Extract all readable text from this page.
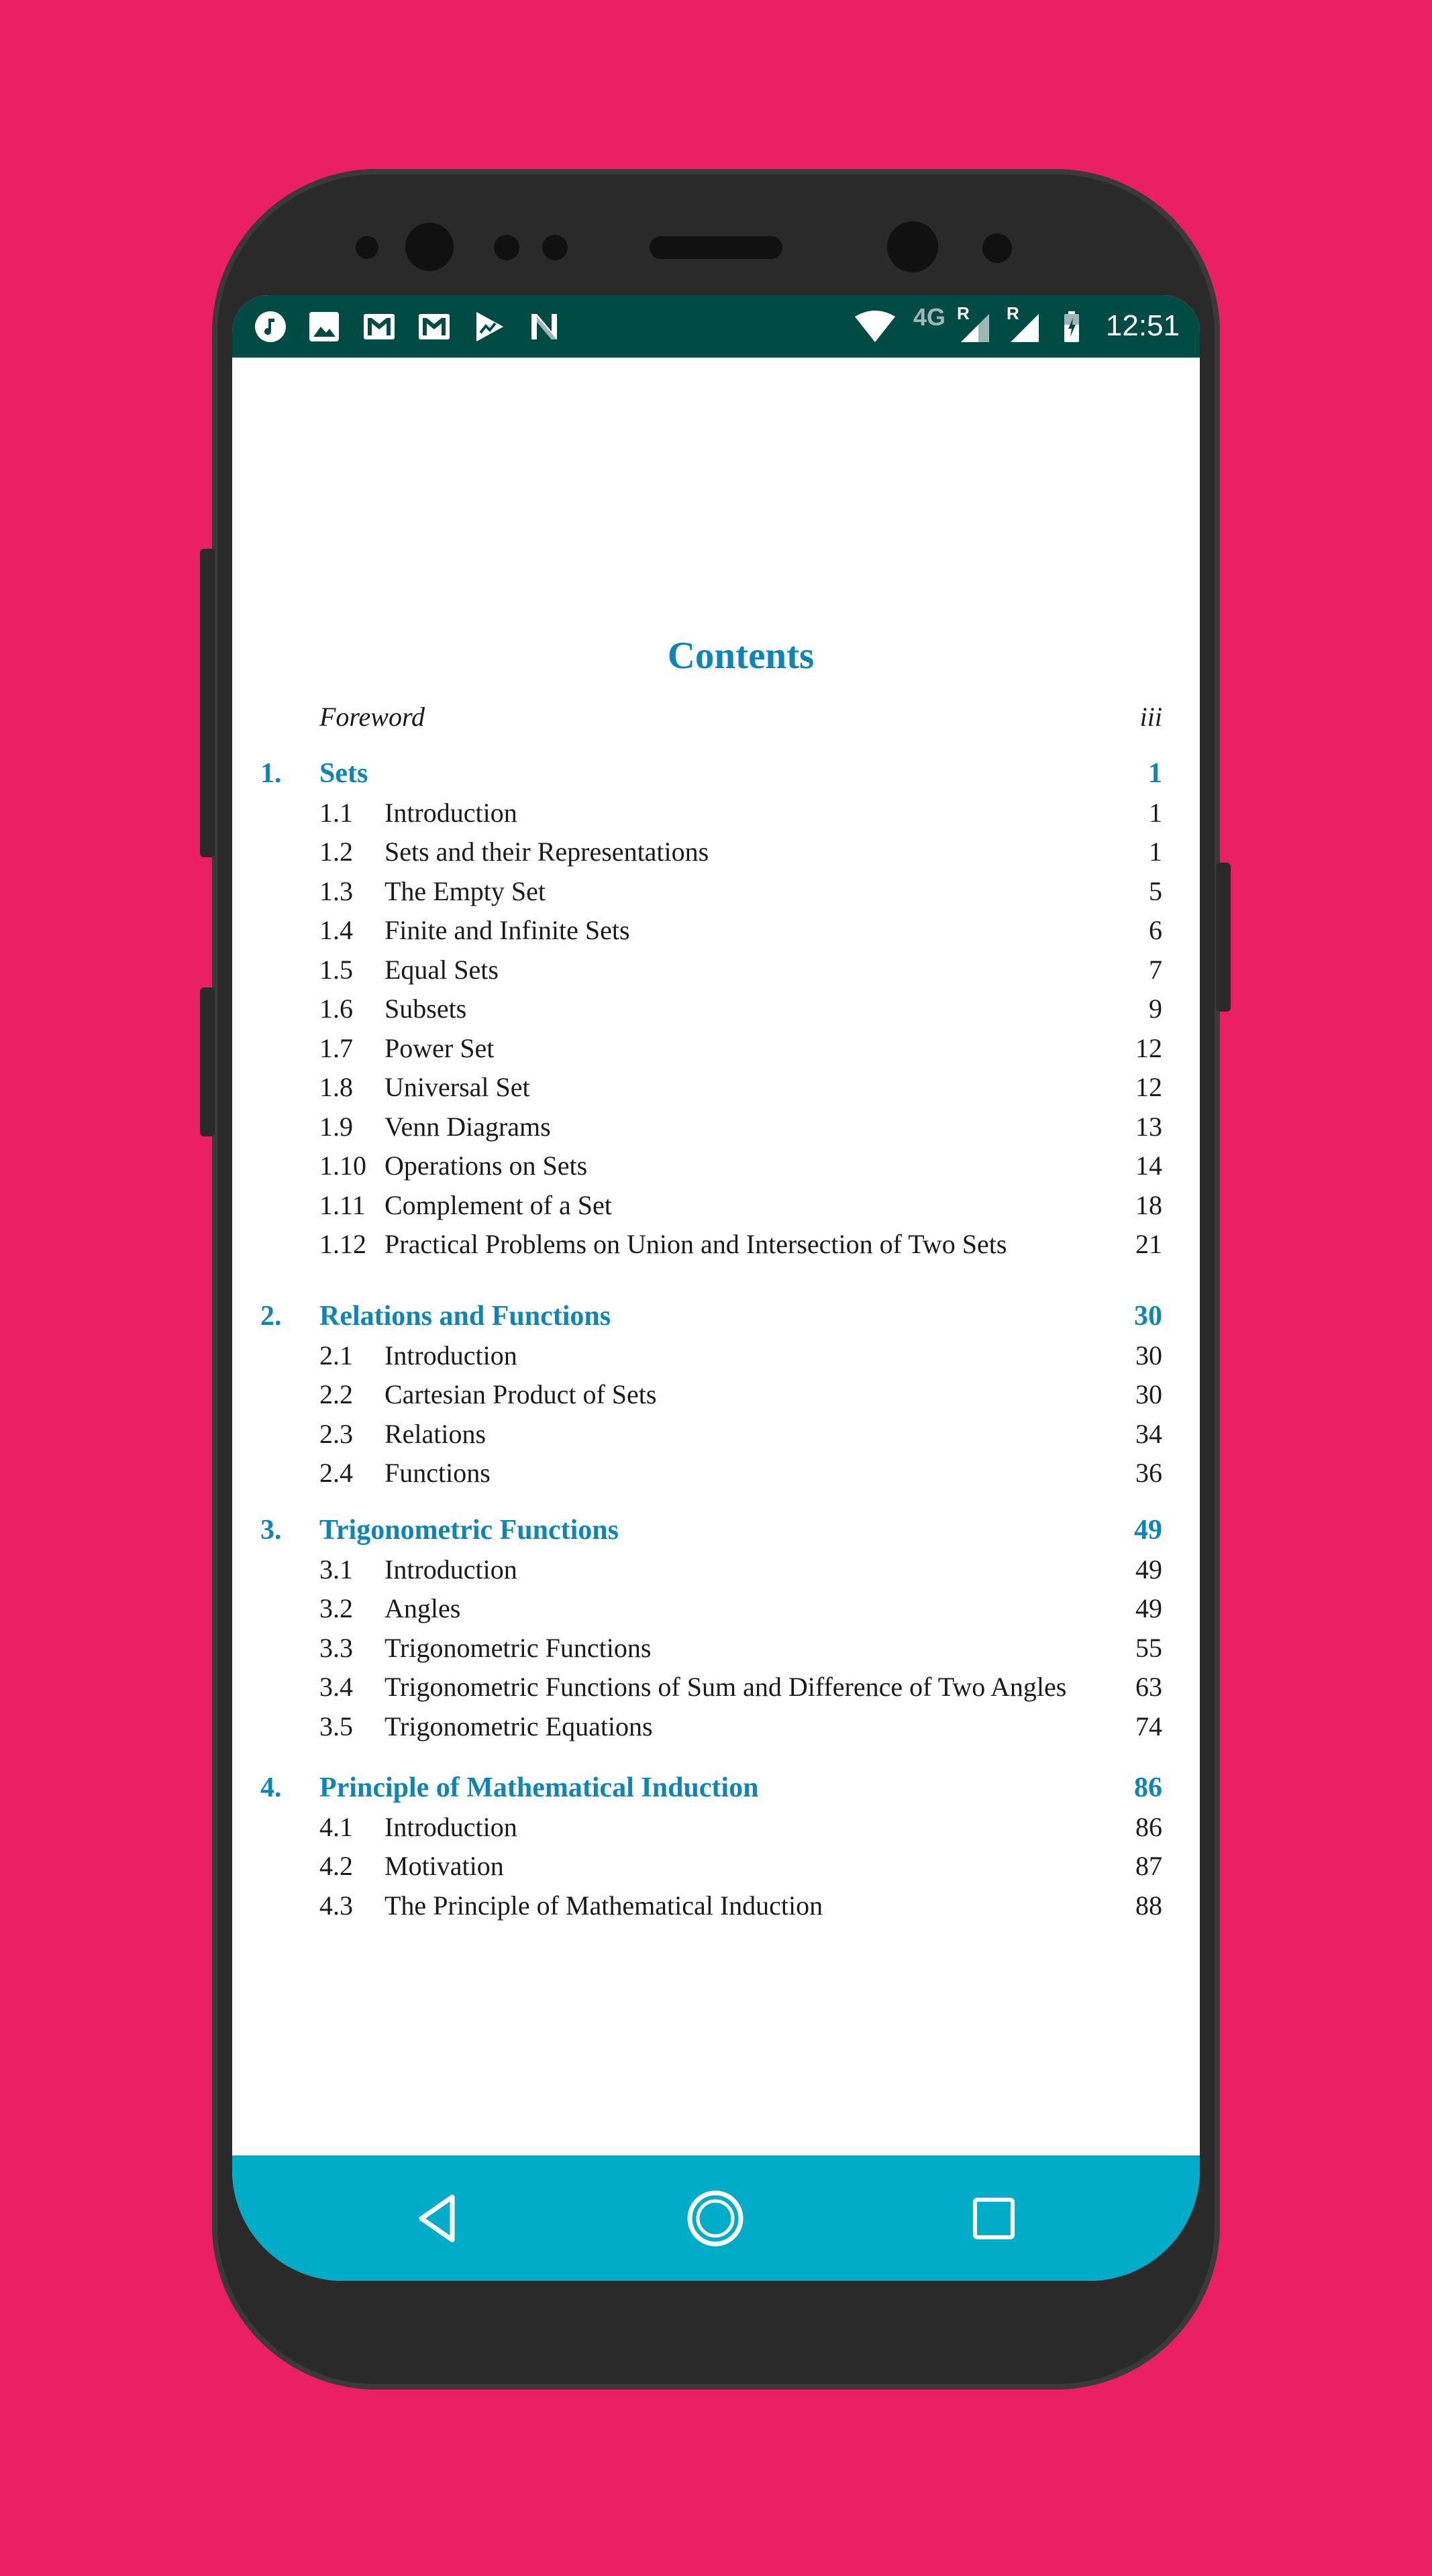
4G R R	12:51
Contents
Foreword	iii
1. Sets	1
1.1 Introduction	1
1.2 Sets and their Representations	1
1.3 The Empty Set	5
1.4 Finite and Infinite Sets	6
1.5 Equal Sets	7
1.6 Subsets	9
1.7 Power Set	12
1.8 Universal Set	12
1.9 Venn Diagrams	13
1.10 Operations on Sets	14
1.11 Complement of a Set	18
1.12 Practical Problems on Union and Intersection of Two Sets	21
2. Relations and Functions	30
2.1 Introduction	30
2.2 Cartesian Product of Sets	30
2.3 Relations	34
2.4 Functions	36
3. Trigonometric Functions	49
3.1 Introduction	49
3.2 Angles	49
3.3 Trigonometric Functions	55
3.4 Trigonometric Functions of Sum and Difference of Two Angles	63
3.5 Trigonometric Equations	74
4. Principle of Mathematical Induction	86
4.1 Introduction	86
4.2 Motivation	87
4.3 The Principle of Mathematical Induction	88
